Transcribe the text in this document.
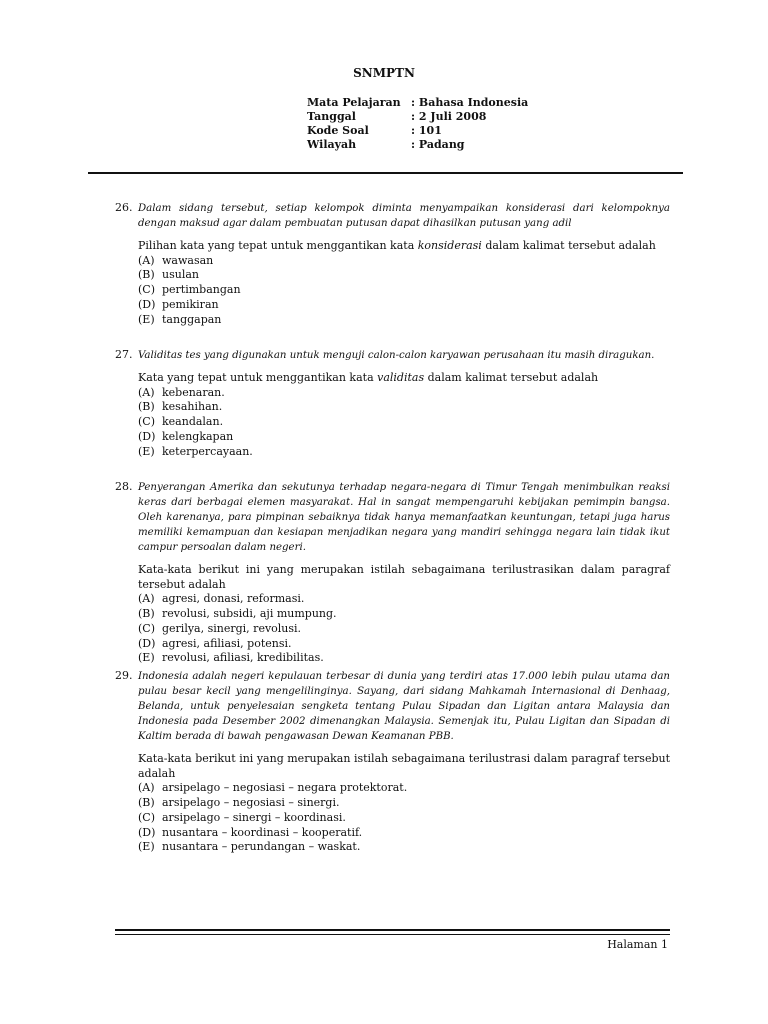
SNMPTN
Mata Pelajaran : Bahasa Indonesia
Tanggal	: 2 Juli 2008
Kode Soal	: 101
Wilayah	: Padang
26. Dalam sidang tersebut, setiap kelompok diminta menyampaikan konsiderasi dari kelompoknya dengan maksud agar dalam pembuatan putusan dapat dihasilkan putusan yang adil
Pilihan kata yang tepat untuk menggantikan kata konsiderasi dalam kalimat tersebut adalah
(A) wawasan
(B) usulan
(C) pertimbangan
(D) pemikiran
(E) tanggapan
27. Validitas tes yang digunakan untuk menguji calon-calon karyawan perusahaan itu masih diragukan.
Kata yang tepat untuk menggantikan kata validitas dalam kalimat tersebut adalah
(A) kebenaran.
(B) kesahihan.
(C) keandalan.
(D) kelengkapan
(E) keterpercayaan.
28. Penyerangan Amerika dan sekutunya terhadap negara-negara di Timur Tengah menimbulkan reaksi keras dari berbagai elemen masyarakat. Hal in sangat mempengaruhi kebijakan pemimpin bangsa. Oleh karenanya, para pimpinan sebaiknya tidak hanya memanfaatkan keuntungan, tetapi juga harus memiliki kemampuan dan kesiapan menjadikan negara yang mandiri sehingga negara lain tidak ikut campur persoalan dalam negeri.
Kata-kata berikut ini yang merupakan istilah sebagaimana terilustrasikan dalam paragraf tersebut adalah
(A) agresi, donasi, reformasi.
(B) revolusi, subsidi, aji mumpung.
(C) gerilya, sinergi, revolusi.
(D) agresi, afiliasi, potensi.
(E) revolusi, afiliasi, kredibilitas.
29. Indonesia adalah negeri kepulauan terbesar di dunia yang terdiri atas 17.000 lebih pulau utama dan pulau besar kecil yang mengelilinginya. Sayang, dari sidang Mahkamah Internasional di Denhaag, Belanda, untuk penyelesaian sengketa tentang Pulau Sipadan dan Ligitan antara Malaysia dan Indonesia pada Desember 2002 dimenangkan Malaysia. Semenjak itu, Pulau Ligitan dan Sipadan di Kaltim berada di bawah pengawasan Dewan Keamanan PBB.
Kata-kata berikut ini yang merupakan istilah sebagaimana terilustrasi dalam paragraf tersebut adalah
(A) arsipelago – negosiasi – negara protektorat.
(B) arsipelago – negosiasi – sinergi.
(C) arsipelago – sinergi – koordinasi.
(D) nusantara – koordinasi – kooperatif.
(E) nusantara – perundangan – waskat.
Halaman 1
